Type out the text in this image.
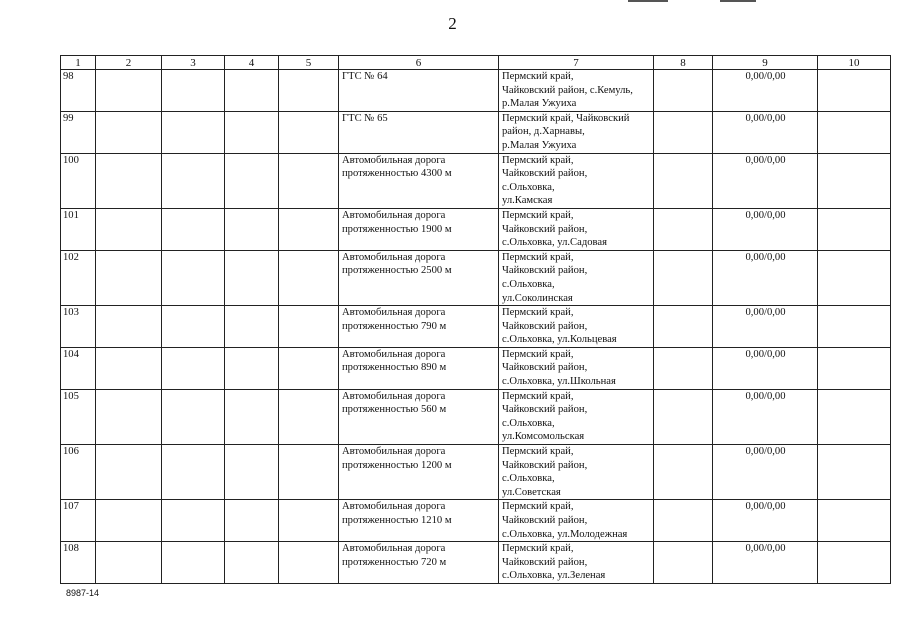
2
1	2	3	4	5	6	7	8	9	10
98					ГТС № 64	Пермский край,
Чайковский район, с.Кемуль,
р.Малая Ужуиха		0,00/0,00	
99					ГТС № 65	Пермский край, Чайковский
район, д.Харнавы,
р.Малая Ужуиха		0,00/0,00	
100					Автомобильная дорога
протяженностью 4300 м	Пермский край,
Чайковский район,
с.Ольховка,
ул.Камская		0,00/0,00	
101					Автомобильная дорога
протяженностью 1900 м	Пермский край,
Чайковский район,
с.Ольховка, ул.Садовая		0,00/0,00	
102					Автомобильная дорога
протяженностью 2500 м	Пермский край,
Чайковский район,
с.Ольховка,
ул.Соколинская		0,00/0,00	
103					Автомобильная дорога
протяженностью 790 м	Пермский край,
Чайковский район,
с.Ольховка, ул.Кольцевая		0,00/0,00	
104					Автомобильная дорога
протяженностью 890 м	Пермский край,
Чайковский район,
с.Ольховка, ул.Школьная		0,00/0,00	
105					Автомобильная дорога
протяженностью 560 м	Пермский край,
Чайковский район,
с.Ольховка,
ул.Комсомольская		0,00/0,00	
106					Автомобильная дорога
протяженностью 1200 м	Пермский край,
Чайковский район,
с.Ольховка,
ул.Советская		0,00/0,00	
107					Автомобильная дорога
протяженностью 1210 м	Пермский край,
Чайковский район,
с.Ольховка, ул.Молодежная		0,00/0,00	
108					Автомобильная дорога
протяженностью 720 м	Пермский край,
Чайковский район,
с.Ольховка, ул.Зеленая		0,00/0,00	
8987-14
